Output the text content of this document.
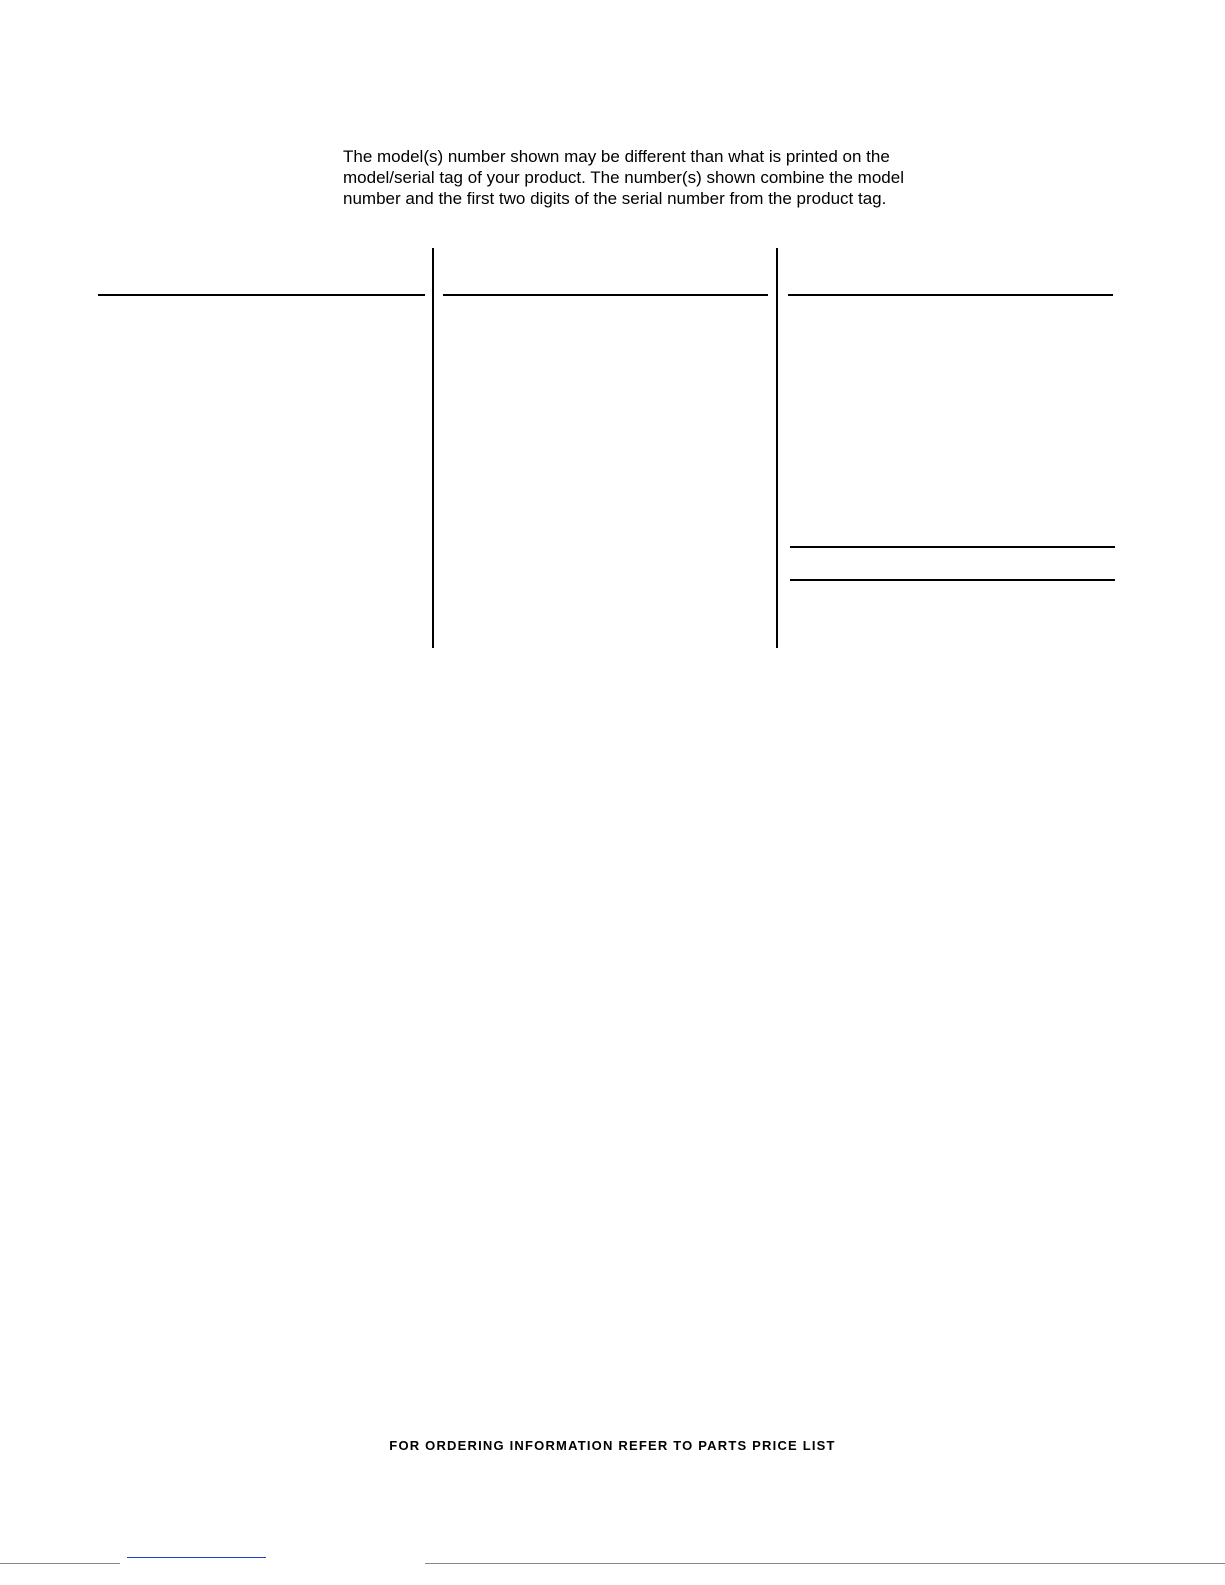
The model(s) number shown may be different than what is printed on the
model/serial tag of your product. The number(s) shown combine the model
number and the first two digits of the serial number from the product tag.

FOR ORDERING INFORMATION REFER TO PARTS PRICE LIST
